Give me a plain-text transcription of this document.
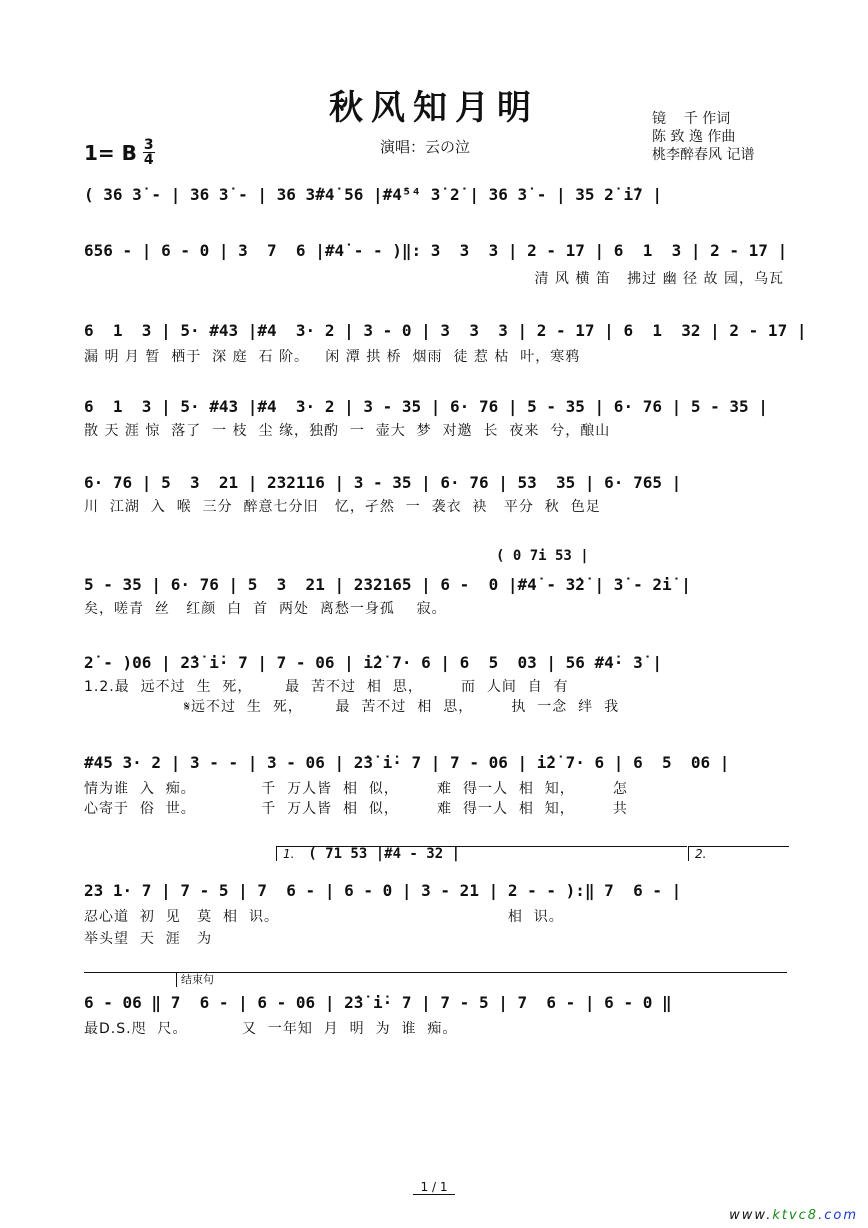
秋风知月明	镜    千 作词
陈 致 逸 作曲
桃李醉春风 记谱
1= B $\frac{3}{4}$	演唱：云の泣
( 36 3̇ - | 36 3̇ - | 36 3̇#4̇ 56 |#4̇⁵⁴ 3̇ 2̇ | 36 3̇ - | 35 2̇ i̇7 |
656 - | 6 - 0 | 3  7  6 |#4̇ - - )‖: 3  3  3 | 2 - 17 | 6  1  3 | 2 - 17 |
清 风 横 笛   拂过 幽 径 故 园，乌瓦
6  1  3 | 5· #43 |#4  3· 2 | 3 - 0 | 3  3  3 | 2 - 17 | 6  1  32 | 2 - 17 |
漏 明 月 暂  栖于  深 庭  石 阶。   闲 潭 拱 桥  烟雨  徒 惹 枯  叶，寒鸦
6  1  3 | 5· #43 |#4  3· 2 | 3 - 35 | 6· 76 | 5 - 35 | 6· 76 | 5 - 35 |
散 天 涯 惊  落了  一 枝  尘 缘，独酌  一  壶大  梦  对邀  长  夜来  兮，酿山
6· 76 | 5  3  21 | 232116 | 3 - 35 | 6· 76 | 53  35 | 6· 765 |
川  江湖  入  喉  三分  醉意七分旧   忆，孑然  一  袭衣  袂   平分  秋  色足
( 0 7i 53 |
5 - 35 | 6· 76 | 5  3  21 | 232165 | 6 -  0 |#4̇ - 3̇2̇ | 3̇ - 2̇i̇ |
矣，嗟青  丝   红颜  白  首  两处  离愁一身孤    寂。
2̇ - )06 | 2̇3̇ i̇· 7 | 7 - 06 | i̇2̇ 7· 6 | 6  5  03 | 56 #4̇· 3̇ |
1.2.最  远不过  生  死，      最  苦不过  相  思，       而  人间  自  有
𝄋远不过  生  死，      最  苦不过  相  思，       执  一念  绊  我
#45 3· 2 | 3 - - | 3 - 06 | 2̇3̇ i̇· 7 | 7 - 06 | i̇2̇ 7· 6 | 6  5  06 |
情为谁  入  痴。            千  万人皆  相  似，       难  得一人  相  知，       怎
心寄于  俗  世。            千  万人皆  相  似，       难  得一人  相  知，       共
1. ( 71 53 |#4 - 32 |	2.
23 1· 7 | 7 - 5 | 7  6 - | 6 - 0 | 3 - 21 | 2 - - ):‖ 7  6 - |
忍心道  初  见   莫  相  识。                                          相  识。
举头望  天  涯   为
结束句
6 - 06 ‖ 7  6 - | 6 - 06 | 2̇3̇ i̇· 7 | 7 - 5 | 7  6 - | 6 - 0 ‖
最D.S.咫  尺。          又  一年知  月  明  为  谁  痴。
1 / 1
www.ktvc8.com
